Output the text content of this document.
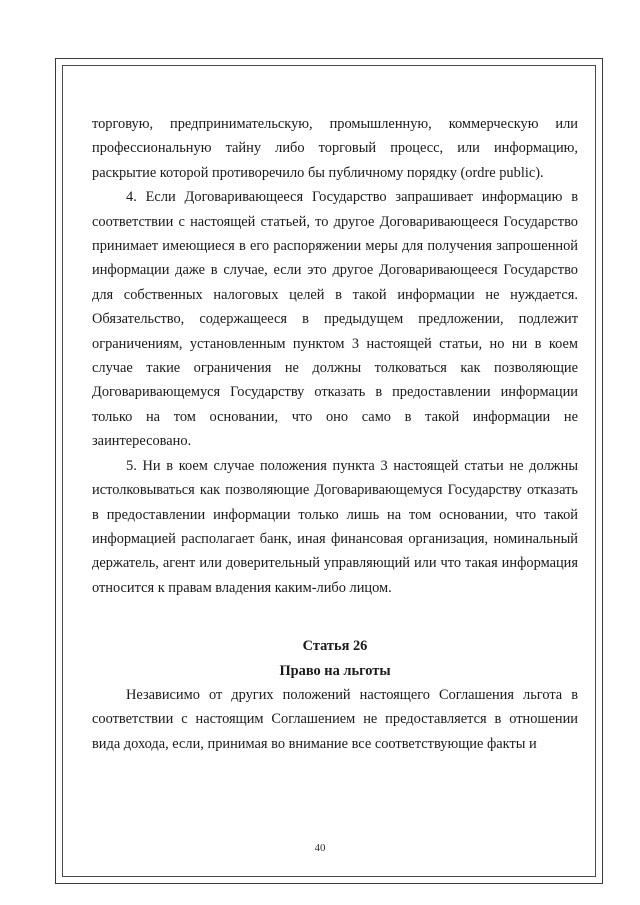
торговую, предпринимательскую, промышленную, коммерческую или профессиональную тайну либо торговый процесс, или информацию, раскрытие которой противоречило бы публичному порядку (ordre public).

4. Если Договаривающееся Государство запрашивает информацию в соответствии с настоящей статьей, то другое Договаривающееся Государство принимает имеющиеся в его распоряжении меры для получения запрошенной информации даже в случае, если это другое Договаривающееся Государство для собственных налоговых целей в такой информации не нуждается. Обязательство, содержащееся в предыдущем предложении, подлежит ограничениям, установленным пунктом 3 настоящей статьи, но ни в коем случае такие ограничения не должны толковаться как позволяющие Договаривающемуся Государству отказать в предоставлении информации только на том основании, что оно само в такой информации не заинтересовано.

5. Ни в коем случае положения пункта 3 настоящей статьи не должны истолковываться как позволяющие Договаривающемуся Государству отказать в предоставлении информации только лишь на том основании, что такой информацией располагает банк, иная финансовая организация, номинальный держатель, агент или доверительный управляющий или что такая информация относится к правам владения каким-либо лицом.

Статья 26

Право на льготы

Независимо от других положений настоящего Соглашения льгота в соответствии с настоящим Соглашением не предоставляется в отношении вида дохода, если, принимая во внимание все соответствующие факты и

40
